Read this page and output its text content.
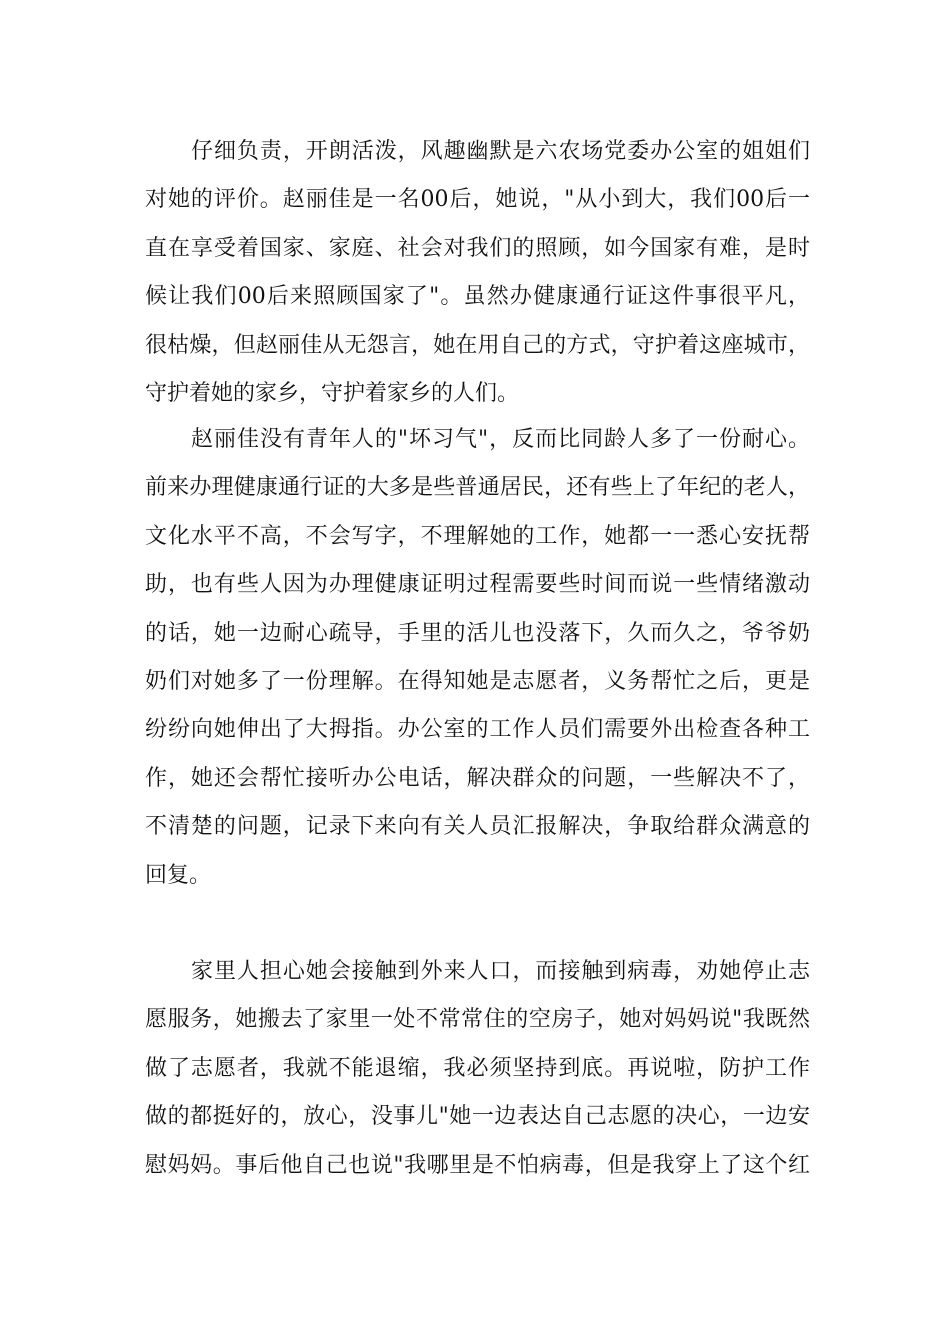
仔细负责，开朗活泼，风趣幽默是六农场党委办公室的姐姐们
对她的评价。赵丽佳是一名00后，她说，"从小到大，我们00后一
直在享受着国家、家庭、社会对我们的照顾，如今国家有难，是时
候让我们00后来照顾国家了"。虽然办健康通行证这件事很平凡，
很枯燥，但赵丽佳从无怨言，她在用自己的方式，守护着这座城市，
守护着她的家乡，守护着家乡的人们。
赵丽佳没有青年人的"坏习气"，反而比同龄人多了一份耐心。
前来办理健康通行证的大多是些普通居民，还有些上了年纪的老人，
文化水平不高，不会写字，不理解她的工作，她都一一悉心安抚帮
助，也有些人因为办理健康证明过程需要些时间而说一些情绪激动
的话，她一边耐心疏导，手里的活儿也没落下，久而久之，爷爷奶
奶们对她多了一份理解。在得知她是志愿者，义务帮忙之后，更是
纷纷向她伸出了大拇指。办公室的工作人员们需要外出检查各种工
作，她还会帮忙接听办公电话，解决群众的问题，一些解决不了，
不清楚的问题，记录下来向有关人员汇报解决，争取给群众满意的
回复。
家里人担心她会接触到外来人口，而接触到病毒，劝她停止志
愿服务，她搬去了家里一处不常常住的空房子，她对妈妈说"我既然
做了志愿者，我就不能退缩，我必须坚持到底。再说啦，防护工作
做的都挺好的，放心，没事儿"她一边表达自己志愿的决心，一边安
慰妈妈。事后他自己也说"我哪里是不怕病毒，但是我穿上了这个红
